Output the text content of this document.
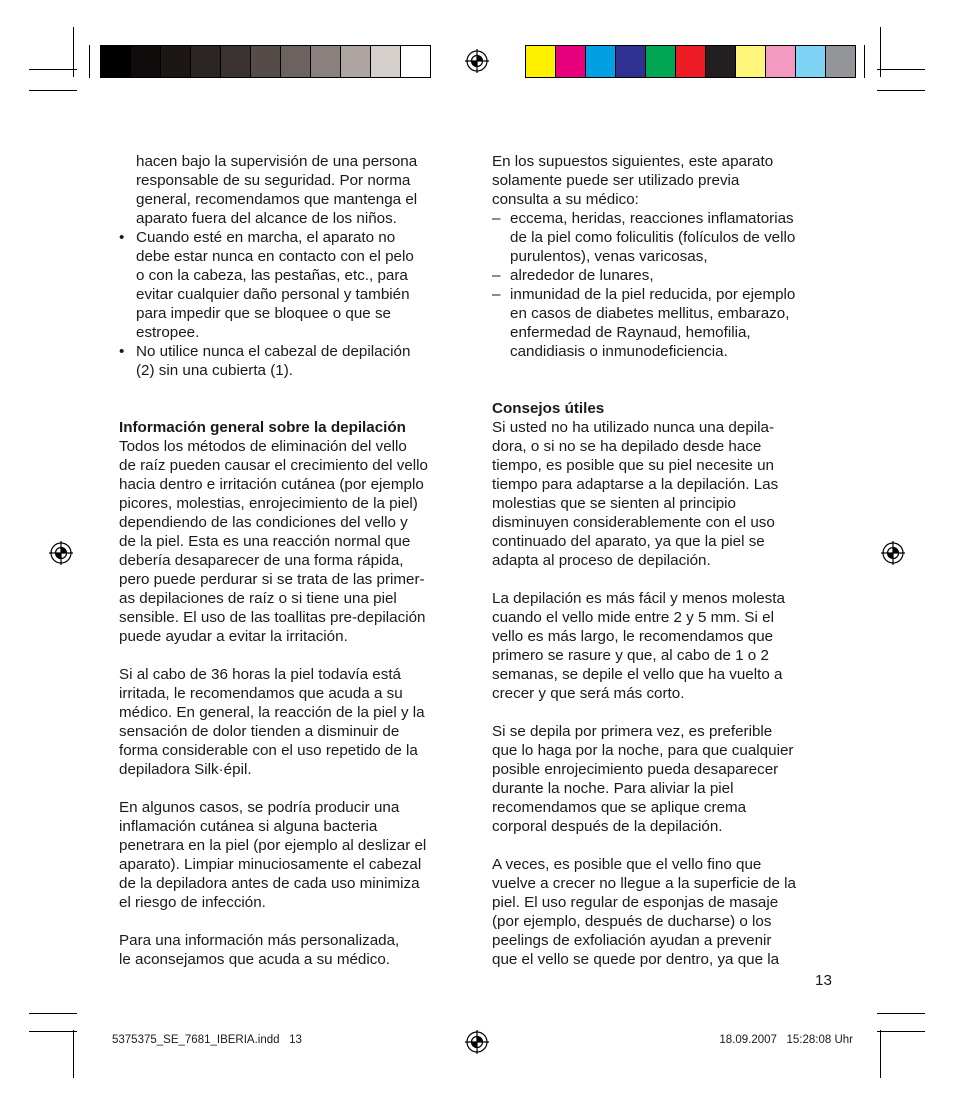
hacen bajo la supervisión de una persona
responsable de su seguridad. Por norma
general, recomendamos que mantenga el
aparato fuera del alcance de los niños.
• Cuando esté en marcha, el aparato no
debe estar nunca en contacto con el pelo
o con la cabeza, las pestañas, etc., para
evitar cualquier daño personal y también
para impedir que se bloquee o que se
estropee.
• No utilice nunca el cabezal de depilación
(2) sin una cubierta (1).
Información general sobre la depilación
Todos los métodos de eliminación del vello
de raíz pueden causar el crecimiento del vello
hacia dentro e irritación cutánea (por ejemplo
picores, molestias, enrojecimiento de la piel)
dependiendo de las condiciones del vello y
de la piel. Esta es una reacción normal que
debería desaparecer de una forma rápida,
pero puede perdurar si se trata de las primer-
as depilaciones de raíz o si tiene una piel
sensible. El uso de las toallitas pre-depilación
puede ayudar a evitar la irritación.
Si al cabo de 36 horas la piel todavía está
irritada, le recomendamos que acuda a su
médico. En general, la reacción de la piel y la
sensación de dolor tienden a disminuir de
forma considerable con el uso repetido de la
depiladora Silk·épil.
En algunos casos, se podría producir una
inflamación cutánea si alguna bacteria
penetrara en la piel (por ejemplo al deslizar el
aparato). Limpiar minuciosamente el cabezal
de la depiladora antes de cada uso minimiza
el riesgo de infección.
Para una información más personalizada,
le aconsejamos que acuda a su médico.
En los supuestos siguientes, este aparato
solamente puede ser utilizado previa
consulta a su médico:
– eccema, heridas, reacciones inflamatorias
de la piel como foliculitis (folículos de vello
purulentos), venas varicosas,
– alrededor de lunares,
– inmunidad de la piel reducida, por ejemplo
en casos de diabetes mellitus, embarazo,
enfermedad de Raynaud, hemofilia,
candidiasis o inmunodeficiencia.
Consejos útiles
Si usted no ha utilizado nunca una depila-
dora, o si no se ha depilado desde hace
tiempo, es posible que su piel necesite un
tiempo para adaptarse a la depilación. Las
molestias que se sienten al principio
disminuyen considerablemente con el uso
continuado del aparato, ya que la piel se
adapta al proceso de depilación.
La depilación es más fácil y menos molesta
cuando el vello mide entre 2 y 5 mm. Si el
vello es más largo, le recomendamos que
primero se rasure y que, al cabo de 1 o 2
semanas, se depile el vello que ha vuelto a
crecer y que será más corto.
Si se depila por primera vez, es preferible
que lo haga por la noche, para que cualquier
posible enrojecimiento pueda desaparecer
durante la noche. Para aliviar la piel
recomendamos que se aplique crema
corporal después de la depilación.
A veces, es posible que el vello fino que
vuelve a crecer no llegue a la superficie de la
piel. El uso regular de esponjas de masaje
(por ejemplo, después de ducharse) o los
peelings de exfoliación ayudan a prevenir
que el vello se quede por dentro, ya que la
13
5375375_SE_7681_IBERIA.indd   13	18.09.2007   15:28:08 Uhr
